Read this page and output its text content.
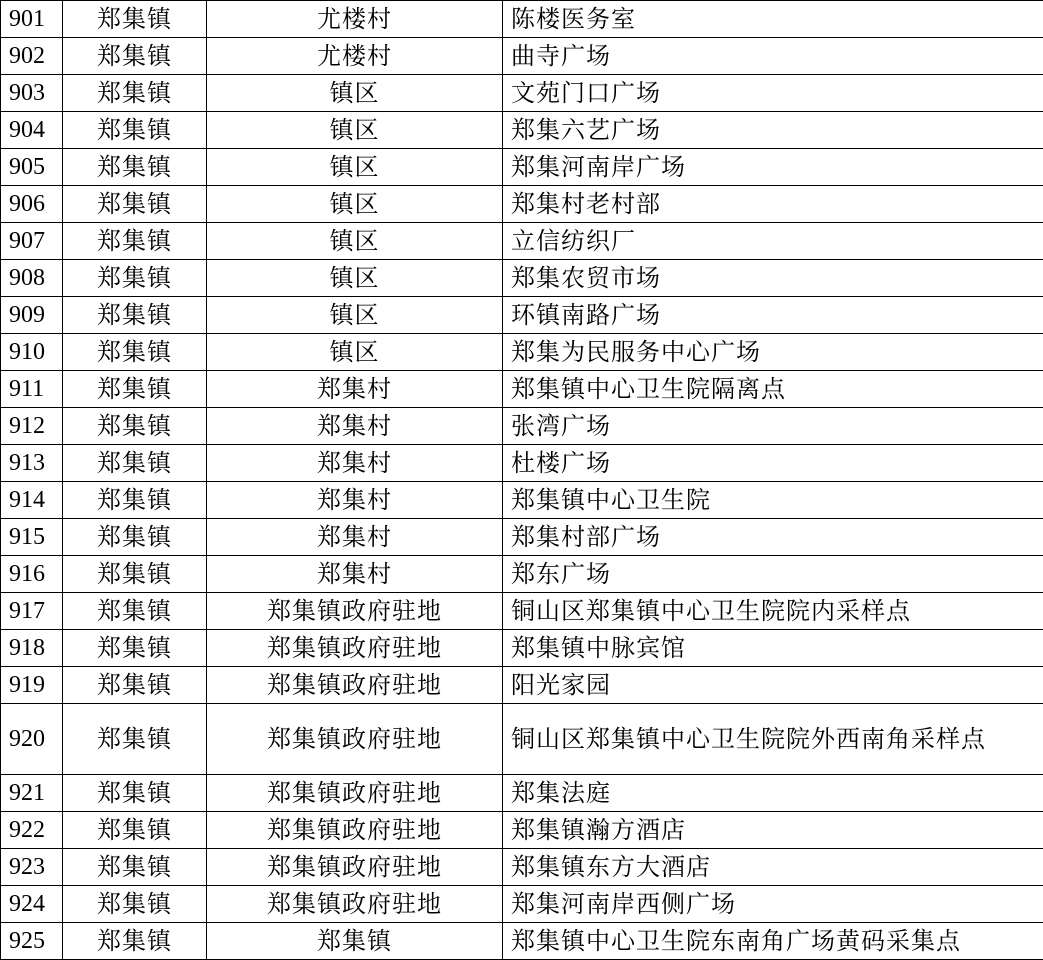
901	郑集镇	尤楼村	陈楼医务室
902	郑集镇	尤楼村	曲寺广场
903	郑集镇	镇区	文苑门口广场
904	郑集镇	镇区	郑集六艺广场
905	郑集镇	镇区	郑集河南岸广场
906	郑集镇	镇区	郑集村老村部
907	郑集镇	镇区	立信纺织厂
908	郑集镇	镇区	郑集农贸市场
909	郑集镇	镇区	环镇南路广场
910	郑集镇	镇区	郑集为民服务中心广场
911	郑集镇	郑集村	郑集镇中心卫生院隔离点
912	郑集镇	郑集村	张湾广场
913	郑集镇	郑集村	杜楼广场
914	郑集镇	郑集村	郑集镇中心卫生院
915	郑集镇	郑集村	郑集村部广场
916	郑集镇	郑集村	郑东广场
917	郑集镇	郑集镇政府驻地	铜山区郑集镇中心卫生院院内采样点
918	郑集镇	郑集镇政府驻地	郑集镇中脉宾馆
919	郑集镇	郑集镇政府驻地	阳光家园
920	郑集镇	郑集镇政府驻地	铜山区郑集镇中心卫生院院外西南角采样点
921	郑集镇	郑集镇政府驻地	郑集法庭
922	郑集镇	郑集镇政府驻地	郑集镇瀚方酒店
923	郑集镇	郑集镇政府驻地	郑集镇东方大酒店
924	郑集镇	郑集镇政府驻地	郑集河南岸西侧广场
925	郑集镇	郑集镇	郑集镇中心卫生院东南角广场黄码采集点
